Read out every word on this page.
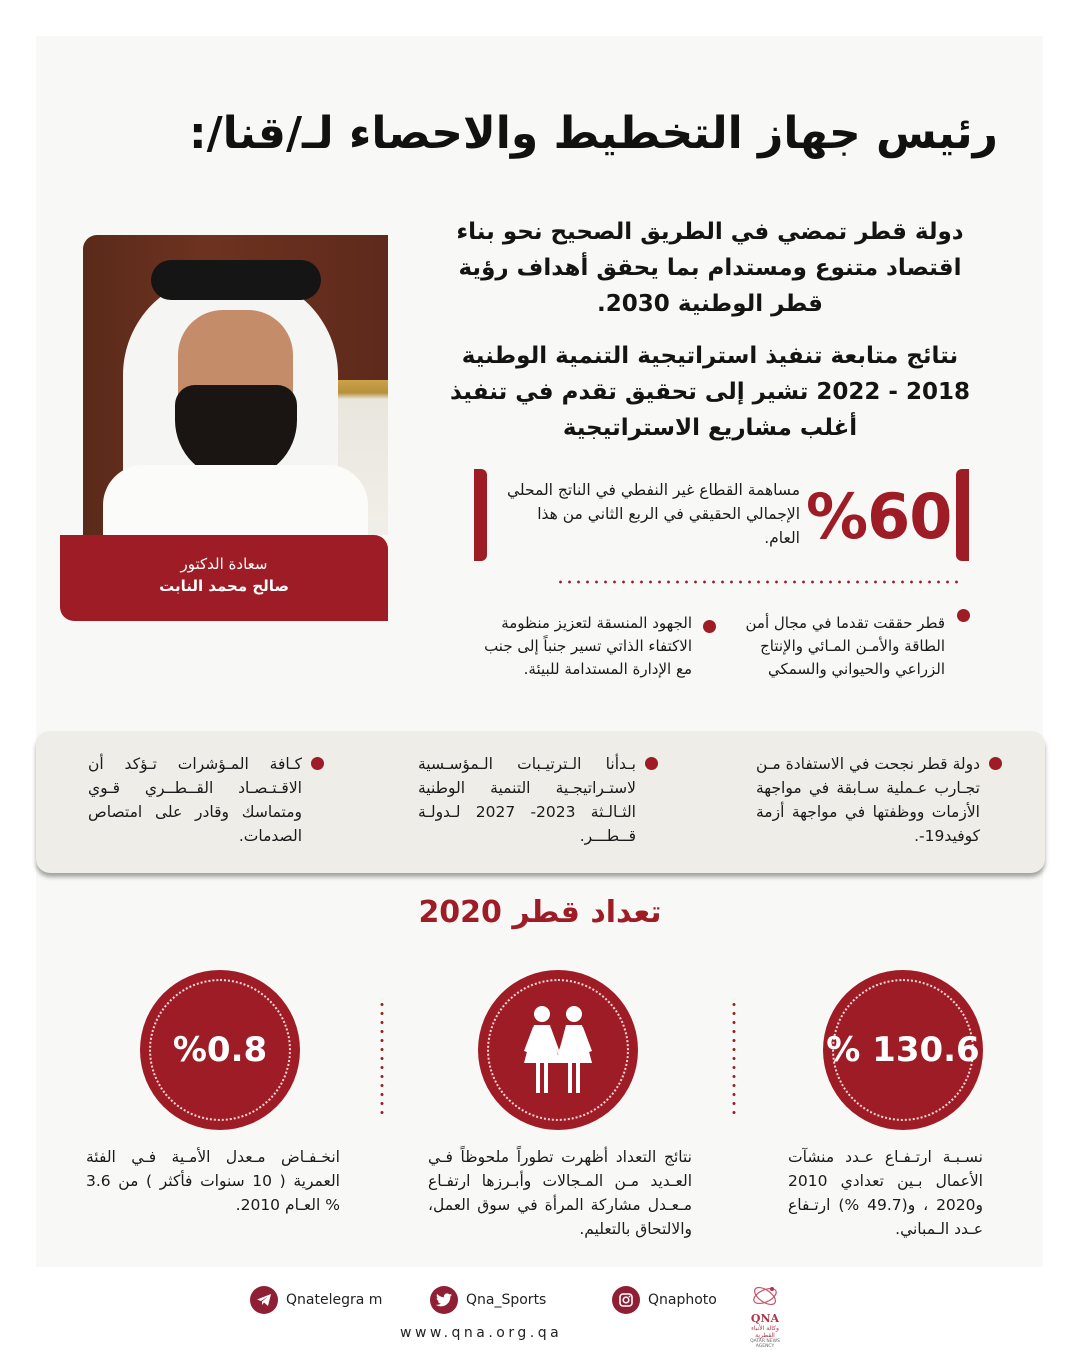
رئيس جهاز التخطيط والاحصاء لـ/قنا/:
دولة قطر تمضي في الطريق الصحيح نحو بناء اقتصاد متنوع ومستدام بما يحقق أهداف رؤية قطر الوطنية 2030.
نتائج متابعة تنفيذ استراتيجية التنمية الوطنية 2018 - 2022 تشير إلى تحقيق تقدم في تنفيذ أغلب مشاريع الاستراتيجية
سعادة الدكتور
صالح محمد النابت
%60
مساهمة القطاع غير النفطي في الناتج المحلي الإجمالي الحقيقي في الربع الثاني من هذا العام.
قطر حققت تقدما في مجال أمن الطاقة والأمـن المـائي والإنتاج الزراعي والحيواني والسمكي
الجهود المنسقة لتعزيز منظومة الاكتفاء الذاتي تسير جنباً إلى جنب مع الإدارة المستدامة للبيئة.
دولة قطر نجحت في الاستفادة مـن تجـارب عـملية سـابقة في مواجهة الأزمات ووظفتها في مواجهة أزمة كوفيد19-.
بـدأنا الـترتيـبات الـمؤسـسية لاستـراتيجـية التنمية الوطنية الثـالـثة 2023- 2027 لـدولـة قــطـــر.
كـافة المـؤشرات تـؤكد أن الاقـتـصـاد القــطــري قـوي ومتماسك وقادر على امتصاص الصدمات.
تعداد قطر 2020
% 130.6
%0.8
نسـبـة ارتـفـاع عـدد منشآت الأعمال بـين تعدادي 2010 و2020 ، و(49.7 %) ارتـفاع عـدد الـمباني.
نتائج التعداد أظهرت تطوراً ملحوظاً فـي العـديد مـن المـجالات وأبـرزها ارتفـاع مـعـدل مشاركة المرأة في سوق العمل، والالتحاق بالتعليم.
انخـفـاض مـعدل الأمـية فـي الفئة العمرية ( 10 سنوات فأكثر ) من 3.6 % العـام 2010.
Qnatelegra m	Qna_Sports	Qnaphoto
www.qna.org.qa
QNA
وكالة الأنباء القطرية
QATAR NEWS AGENCY
